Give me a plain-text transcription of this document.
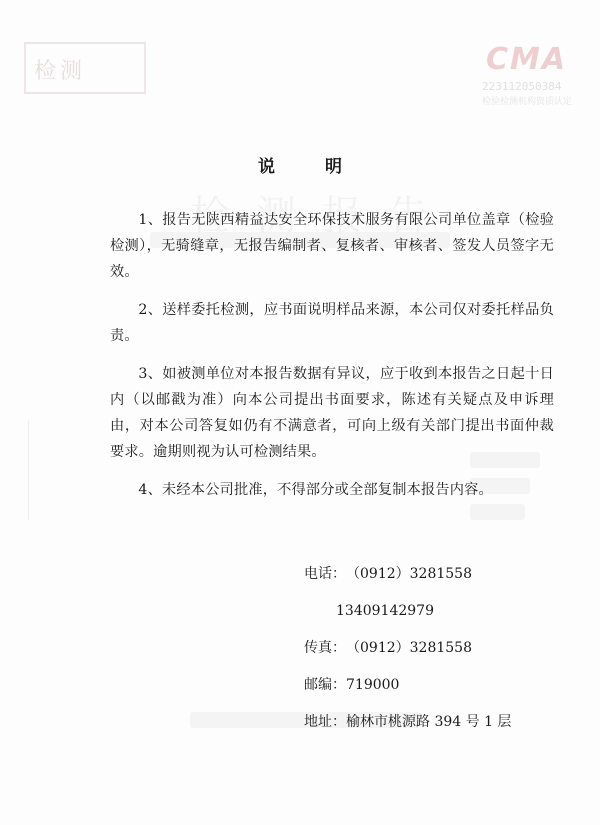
检测	CMA
223112050384
检验检测机构资质认定
说 明

1、报告无陕西精益达安全环保技术服务有限公司单位盖章（检验检测），无骑缝章，无报告编制者、复核者、审核者、签发人员签字无效。

2、送样委托检测，应书面说明样品来源，本公司仅对委托样品负责。

3、如被测单位对本报告数据有异议，应于收到本报告之日起十日内（以邮戳为准）向本公司提出书面要求，陈述有关疑点及申诉理由，对本公司答复如仍有不满意者，可向上级有关部门提出书面仲裁要求。逾期则视为认可检测结果。

4、未经本公司批准，不得部分或全部复制本报告内容。

电话：（0912）3281558
13409142979
传真：（0912）3281558
邮编：719000
地址：榆林市桃源路 394 号 1 层
